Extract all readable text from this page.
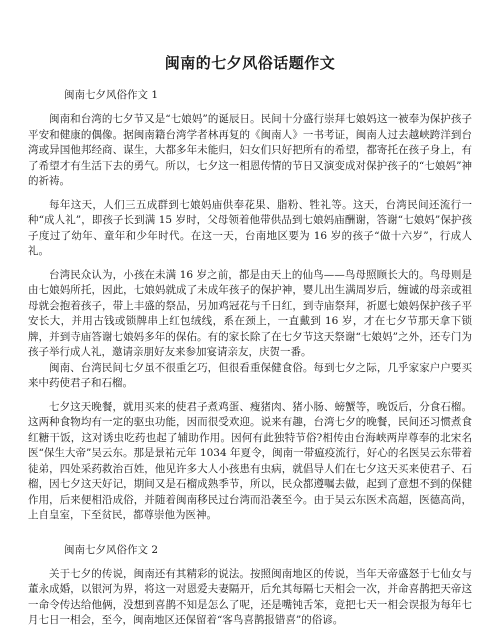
闽南的七夕风俗话题作文
闽南七夕风俗作文 1

闽南和台湾的七夕节又是“七娘妈”的诞辰日。民间十分盛行崇拜七娘妈这一被奉为保护孩子平安和健康的偶像。据闽南籍台湾学者林再复的《闽南人》一书考证，闽南人过去越峡跨洋到台湾或异国他邦经商、谋生，大都多年未能归，妇女们只好把所有的希望，都寄托在孩子身上，有了希望才有生活下去的勇气。所以，七夕这一相恩传情的节日又演变成对保护孩子的“七娘妈”神的祈祷。

每年这天，人们三五成群到七娘妈庙供奉花果、脂粉、牲礼等。这天，台湾民间还流行一种“成人礼”，即孩子长到满 15 岁时，父母领着他带供品到七娘妈庙酬谢，答谢“七娘妈”保护孩子度过了幼年、童年和少年时代。在这一天，台南地区要为 16 岁的孩子“做十六岁”，行成人礼。

台湾民众认为，小孩在未满 16 岁之前，都是由天上的仙鸟——鸟母照顾长大的。鸟母则是由七娘妈所托，因此，七娘妈就成了未成年孩子的保护神，婴儿出生满周岁后，缠诚的母亲或祖母就会抱着孩子，带上丰盛的祭品，另加鸡冠花与千日红，到寺庙祭拜，祈愿七娘妈保护孩子平安长大，并用古钱或锁牌串上红包绒线，系在颈上，一直戴到 16 岁，才在七夕节那天拿下锁牌，并到寺庙答谢七娘妈多年的保佑。有的家长除了在七夕节这天祭谢“七娘妈”之外，还专门为孩子举行成人礼，邀请亲朋好友来参加宴请亲友，庆贺一番。

闽南、台湾民间七夕虽不很重乞巧，但很看重保健食俗。每到七夕之际，几乎家家户户要买来中药使君子和石榴。

七夕这天晚餐，就用买来的使君子煮鸡蛋、瘦猪肉、猪小肠、螃蟹等，晚饭后，分食石榴。这两种食物均有一定的驱虫功能，因而很受欢迎。说来有趣，台湾七夕的晚餐，民间还习惯煮食红糖干饭，这对诱虫吃药也起了辅助作用。因何有此独特节俗?相传由台海峡两岸尊奉的北宋名医“保生大帝”吴云东。那是景祐元年 1034 年夏令，闽南一带瘟疫流行，好心的名医吴云东带着徒弟，四处采药救治百姓，他见许多大人小孩患有虫病，就倡导人们在七夕这天买来使君子、石榴，因七夕这天好记，期间又是石榴成熟季节，所以，民众都遵嘱去做，起到了意想不到的保健作用，后来便相沿成俗，并随着闽南移民过台湾而沿袭至今。由于吴云东医术高超，医德高尚，上自皇室，下至贫民，都尊崇他为医神。

闽南七夕风俗作文 2

关于七夕的传说，闽南还有其精彩的说法。按照闽南地区的传说，当年天帝盛怒于七仙女与董永成婚，以银河为界，将这一对恩爱夫妻隔开，后允其每隔七天相会一次，并命喜鹊把天帝这一命令传达给他俩，没想到喜鹊不知是怎么了呢，还是嘴钝舌笨，竟把七天一相会误报为每年七月七日一相会，至今，闽南地区还保留着“客鸟喜鹊报错喜”的俗谚。
